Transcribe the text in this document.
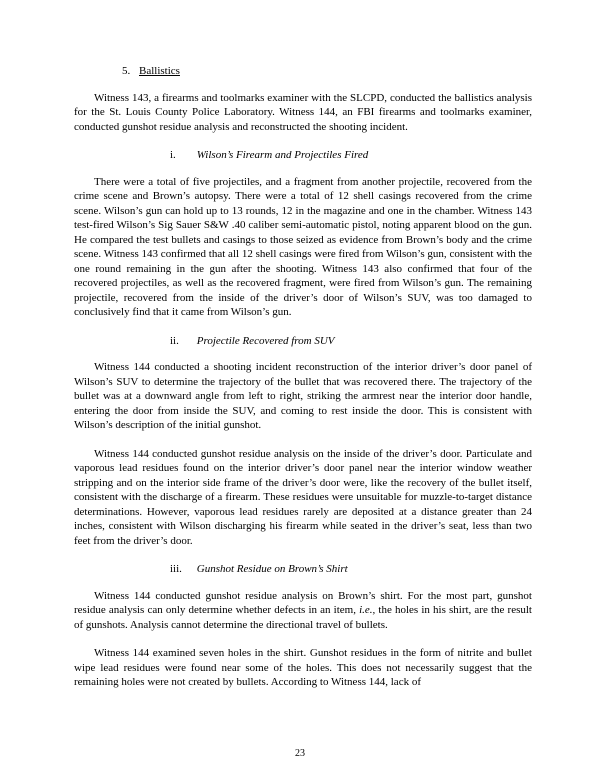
5. Ballistics

Witness 143, a firearms and toolmarks examiner with the SLCPD, conducted the ballistics analysis for the St. Louis County Police Laboratory. Witness 144, an FBI firearms and toolmarks examiner, conducted gunshot residue analysis and reconstructed the shooting incident.

i. Wilson’s Firearm and Projectiles Fired

There were a total of five projectiles, and a fragment from another projectile, recovered from the crime scene and Brown’s autopsy. There were a total of 12 shell casings recovered from the crime scene. Wilson’s gun can hold up to 13 rounds, 12 in the magazine and one in the chamber. Witness 143 test-fired Wilson’s Sig Sauer S&W .40 caliber semi-automatic pistol, noting apparent blood on the gun. He compared the test bullets and casings to those seized as evidence from Brown’s body and the crime scene. Witness 143 confirmed that all 12 shell casings were fired from Wilson’s gun, consistent with the one round remaining in the gun after the shooting. Witness 143 also confirmed that four of the recovered projectiles, as well as the recovered fragment, were fired from Wilson’s gun. The remaining projectile, recovered from the inside of the driver’s door of Wilson’s SUV, was too damaged to conclusively find that it came from Wilson’s gun.

ii. Projectile Recovered from SUV

Witness 144 conducted a shooting incident reconstruction of the interior driver’s door panel of Wilson’s SUV to determine the trajectory of the bullet that was recovered there. The trajectory of the bullet was at a downward angle from left to right, striking the armrest near the interior door handle, entering the door from inside the SUV, and coming to rest inside the door. This is consistent with Wilson’s description of the initial gunshot.

Witness 144 conducted gunshot residue analysis on the inside of the driver’s door. Particulate and vaporous lead residues found on the interior driver’s door panel near the interior window weather stripping and on the interior side frame of the driver’s door were, like the recovery of the bullet itself, consistent with the discharge of a firearm. These residues were unsuitable for muzzle-to-target distance determinations. However, vaporous lead residues rarely are deposited at a distance greater than 24 inches, consistent with Wilson discharging his firearm while seated in the driver’s seat, less than two feet from the driver’s door.

iii. Gunshot Residue on Brown’s Shirt

Witness 144 conducted gunshot residue analysis on Brown’s shirt. For the most part, gunshot residue analysis can only determine whether defects in an item, i.e., the holes in his shirt, are the result of gunshots. Analysis cannot determine the directional travel of bullets.

Witness 144 examined seven holes in the shirt. Gunshot residues in the form of nitrite and bullet wipe lead residues were found near some of the holes. This does not necessarily suggest that the remaining holes were not created by bullets. According to Witness 144, lack of

23
